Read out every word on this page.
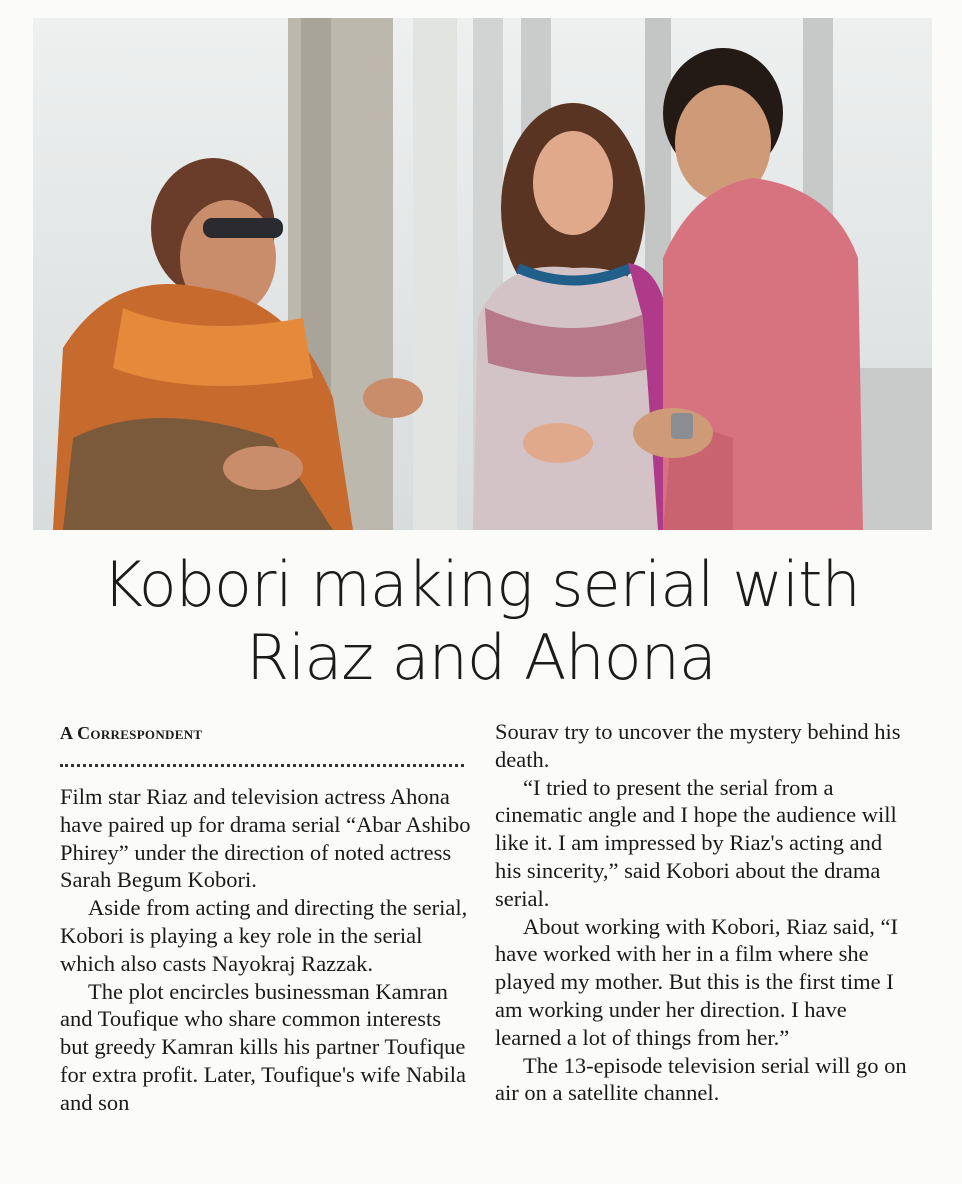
Kobori making serial with
Riaz and Ahona
A Correspondent

Film star Riaz and television actress Ahona have paired up for drama serial “Abar Ashibo Phirey” under the direction of noted actress Sarah Begum Kobori.

Aside from acting and directing the serial, Kobori is playing a key role in the serial which also casts Nayokraj Razzak.

The plot encircles businessman Kamran and Toufique who share common interests but greedy Kamran kills his partner Toufique for extra profit. Later, Toufique's wife Nabila and son

Sourav try to uncover the mystery behind his death.

“I tried to present the serial from a cinematic angle and I hope the audience will like it. I am impressed by Riaz's acting and his sincerity,” said Kobori about the drama serial.

About working with Kobori, Riaz said, “I have worked with her in a film where she played my mother. But this is the first time I am working under her direction. I have learned a lot of things from her.”

The 13-episode television serial will go on air on a satellite channel.
